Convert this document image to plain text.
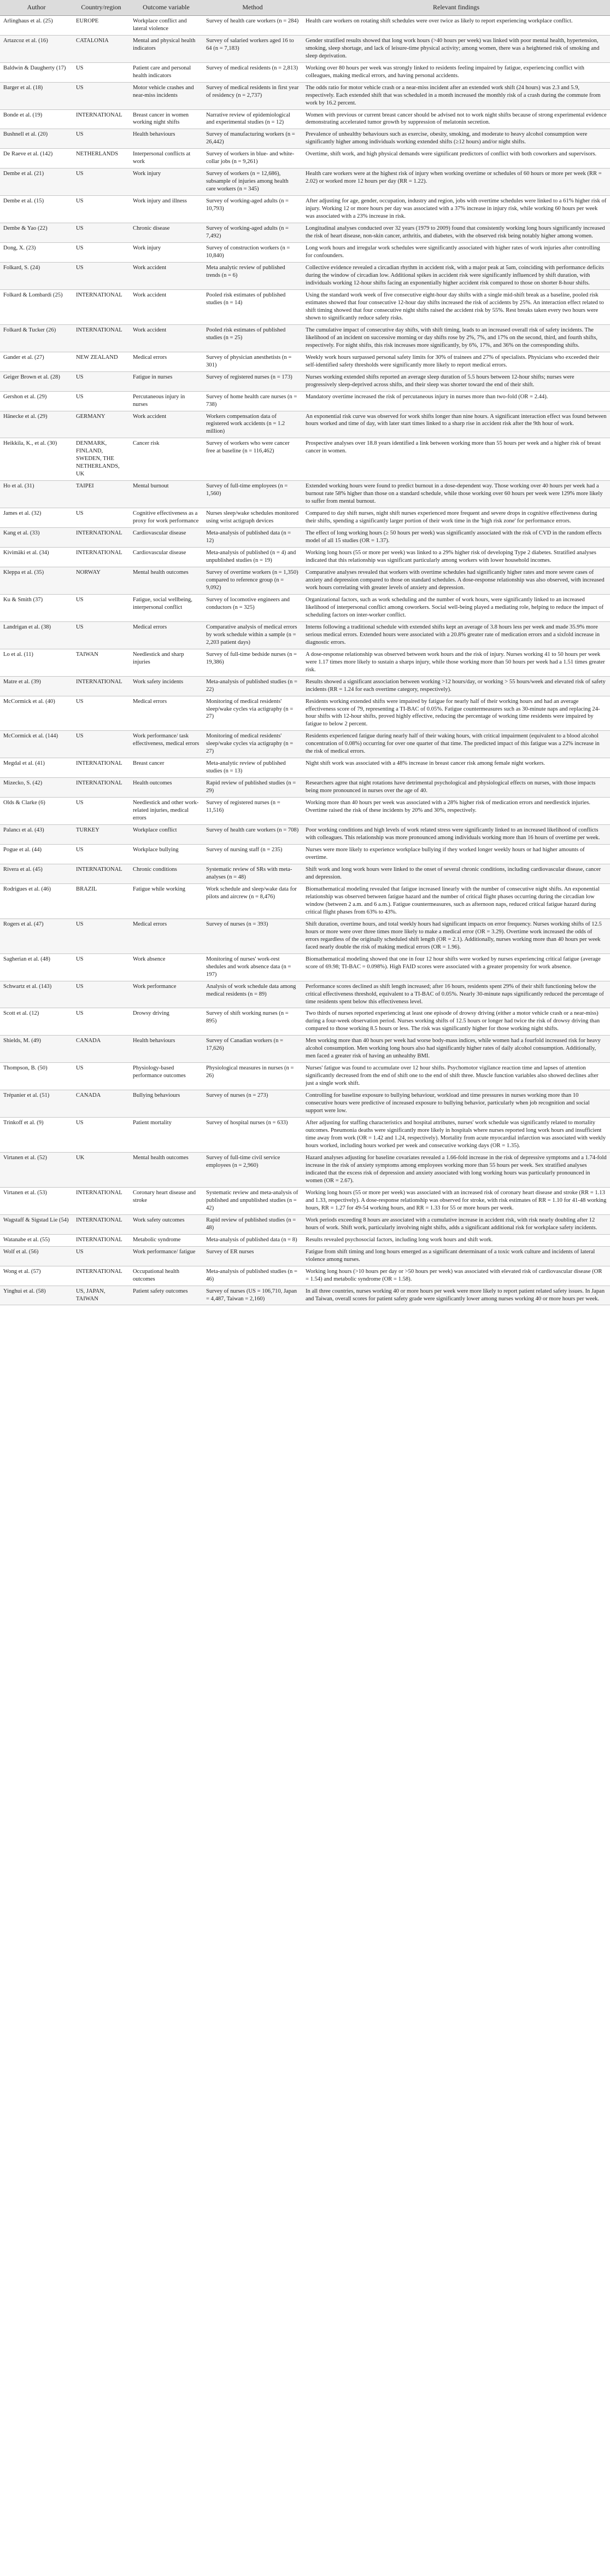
Author	Country/region	Outcome variable	Method	Relevant findings
Arlinghaus et al. (25)	EUROPE	Workplace conflict and lateral violence	Survey of health care workers (n = 284)	Health care workers on rotating shift schedules were over twice as likely to report experiencing workplace conflict.
Artazcoz et al. (16)	CATALONIA	Mental and physical health indicators	Survey of salaried workers aged 16 to 64 (n = 7,183)	Gender stratified results showed that long work hours (>40 hours per week) was linked with poor mental health, hypertension, smoking, sleep shortage, and lack of leisure-time physical activity; among women, there was a heightened risk of smoking and sleep deprivation.
Baldwin & Daugherty (17)	US	Patient care and personal health indicators	Survey of medical residents (n = 2,813)	Working over 80 hours per week was strongly linked to residents feeling impaired by fatigue, experiencing conflict with colleagues, making medical errors, and having personal accidents.
Barger et al. (18)	US	Motor vehicle crashes and near-miss incidents	Survey of medical residents in first year of residency (n = 2,737)	The odds ratio for motor vehicle crash or a near-miss incident after an extended work shift (24 hours) was 2.3 and 5.9, respectively. Each extended shift that was scheduled in a month increased the monthly risk of a crash during the commute from work by 16.2 percent.
Bonde et al. (19)	INTERNATIONAL	Breast cancer in women working night shifts	Narrative review of epidemiological and experimental studies (n = 12)	Women with previous or current breast cancer should be advised not to work night shifts because of strong experimental evidence demonstrating accelerated tumor growth by suppression of melatonin secretion.
Bushnell et al. (20)	US	Health behaviours	Survey of manufacturing workers (n = 26,442)	Prevalence of unhealthy behaviours such as exercise, obesity, smoking, and moderate to heavy alcohol consumption were significantly higher among individuals working extended shifts (≥12 hours) and/or night shifts.
De Raeve et al. (142)	NETHERLANDS	Interpersonal conflicts at work	Survey of workers in blue- and white-collar jobs (n = 9,261)	Overtime, shift work, and high physical demands were significant predictors of conflict with both coworkers and supervisors.
Dembe et al. (21)	US	Work injury	Survey of workers (n = 12,686), subsample of injuries among health care workers (n = 345)	Health care workers were at the highest risk of injury when working overtime or schedules of 60 hours or more per week (RR = 2.02) or worked more 12 hours per day (RR = 1.22).
Dembe et al. (15)	US	Work injury and illness	Survey of working-aged adults (n = 10,793)	After adjusting for age, gender, occupation, industry and region, jobs with overtime schedules were linked to a 61% higher risk of injury. Working 12 or more hours per day was associated with a 37% increase in injury risk, while working 60 hours per week was associated with a 23% increase in risk.
Dembe & Yao (22)	US	Chronic disease	Survey of working-aged adults (n = 7,492)	Longitudinal analyses conducted over 32 years (1979 to 2009) found that consistently working long hours significantly increased the risk of heart disease, non-skin cancer, arthritis, and diabetes, with the observed risk being notably higher among women.
Dong, X. (23)	US	Work injury	Survey of construction workers (n = 10,840)	Long work hours and irregular work schedules were significantly associated with higher rates of work injuries after controlling for confounders.
Folkard, S. (24)	US	Work accident	Meta analytic review of published trends (n = 6)	Collective evidence revealed a circadian rhythm in accident risk, with a major peak at 5am, coinciding with performance deficits during the window of circadian low. Additional spikes in accident risk were significantly influenced by shift duration, with individuals working 12-hour shifts facing an exponentially higher accident risk compared to those on shorter 8-hour shifts.
Folkard & Lombardi (25)	INTERNATIONAL	Work accident	Pooled risk estimates of published studies (n = 14)	Using the standard work week of five consecutive eight-hour day shifts with a single mid-shift break as a baseline, pooled risk estimates showed that four consecutive 12-hour day shifts increased the risk of accidents by 25%. An interaction effect related to shift timing showed that four consecutive night shifts raised the accident risk by 55%. Rest breaks taken every two hours were shown to significantly reduce safety risks.
Folkard & Tucker (26)	INTERNATIONAL	Work accident	Pooled risk estimates of published studies (n = 25)	The cumulative impact of consecutive day shifts, with shift timing, leads to an increased overall risk of safety incidents. The likelihood of an incident on successive morning or day shifts rose by 2%, 7%, and 17% on the second, third, and fourth shifts, respectively. For night shifts, this risk increases more significantly, by 6%, 17%, and 36% on the corresponding shifts.
Gander et al. (27)	NEW ZEALAND	Medical errors	Survey of physician anesthetists (n = 301)	Weekly work hours surpassed personal safety limits for 30% of trainees and 27% of specialists. Physicians who exceeded their self-identified safety thresholds were significantly more likely to report medical errors.
Geiger Brown et al. (28)	US	Fatigue in nurses	Survey of registered nurses (n = 173)	Nurses working extended shifts reported an average sleep duration of 5.5 hours between 12-hour shifts; nurses were progressively sleep-deprived across shifts, and their sleep was shorter toward the end of their shift.
Gershon et al. (29)	US	Percutaneous injury in nurses	Survey of home health care nurses (n = 738)	Mandatory overtime increased the risk of percutaneous injury in nurses more than two-fold (OR = 2.44).
Hänecke et al. (29)	GERMANY	Work accident	Workers compensation data of registered work accidents (n = 1.2 million)	An exponential risk curve was observed for work shifts longer than nine hours. A significant interaction effect was found between hours worked and time of day, with later start times linked to a sharp rise in accident risk after the 9th hour of work.
Heikkila, K., et al. (30)	DENMARK, FINLAND, SWEDEN, THE NETHERLANDS, UK	Cancer risk	Survey of workers who were cancer free at baseline (n = 116,462)	Prospective analyses over 18.8 years identified a link between working more than 55 hours per week and a higher risk of breast cancer in women.
Ho et al. (31)	TAIPEI	Mental burnout	Survey of full-time employees (n = 1,560)	Extended working hours were found to predict burnout in a dose-dependent way. Those working over 40 hours per week had a burnout rate 58% higher than those on a standard schedule, while those working over 60 hours per week were 129% more likely to suffer from mental burnout.
James et al. (32)	US	Cognitive effectiveness as a proxy for work performance	Nurses sleep/wake schedules monitored using wrist actigraph devices	Compared to day shift nurses, night shift nurses experienced more frequent and severe drops in cognitive effectiveness during their shifts, spending a significantly larger portion of their work time in the 'high risk zone' for performance errors.
Kang et al. (33)	INTERNATIONAL	Cardiovascular disease	Meta-analysis of published data (n = 12)	The effect of long working hours (≥ 50 hours per week) was significantly associated with the risk of CVD in the random effects model of all 15 studies (OR = 1.37).
Kivimäki et al. (34)	INTERNATIONAL	Cardiovascular disease	Meta-analysis of published (n = 4) and unpublished studies (n = 19)	Working long hours (55 or more per week) was linked to a 29% higher risk of developing Type 2 diabetes. Stratified analyses indicated that this relationship was significant particularly among workers with lower household incomes.
Kleppa et al. (35)	NORWAY	Mental health outcomes	Survey of overtime workers (n = 1,350) compared to reference group (n = 9,092)	Comparative analyses revealed that workers with overtime schedules had significantly higher rates and more severe cases of anxiety and depression compared to those on standard schedules. A dose-response relationship was also observed, with increased work hours correlating with greater levels of anxiety and depression.
Ku & Smith (37)	US	Fatigue, social wellbeing, interpersonal conflict	Survey of locomotive engineers and conductors (n = 325)	Organizational factors, such as work scheduling and the number of work hours, were significantly linked to an increased likelihood of interpersonal conflict among coworkers. Social well-being played a mediating role, helping to reduce the impact of scheduling factors on inter-worker conflict.
Landrigan et al. (38)	US	Medical errors	Comparative analysis of medical errors by work schedule within a sample (n = 2,203 patient days)	Interns following a traditional schedule with extended shifts kept an average of 3.8 hours less per week and made 35.9% more serious medical errors. Extended hours were associated with a 20.8% greater rate of medication errors and a sixfold increase in diagnostic errors.
Lo et al. (11)	TAIWAN	Needlestick and sharp injuries	Survey of full-time bedside nurses (n = 19,386)	A dose-response relationship was observed between work hours and the risk of injury. Nurses working 41 to 50 hours per week were 1.17 times more likely to sustain a sharps injury, while those working more than 50 hours per week had a 1.51 times greater risk.
Matre et al. (39)	INTERNATIONAL	Work safety incidents	Meta-analysis of published studies (n = 22)	Results showed a significant association between working >12 hours/day, or working > 55 hours/week and elevated risk of safety incidents (RR = 1.24 for each overtime category, respectively).
McCormick et al. (40)	US	Medical errors	Monitoring of medical residents' sleep/wake cycles via actigraphy (n = 27)	Residents working extended shifts were impaired by fatigue for nearly half of their working hours and had an average effectiveness score of 79, representing a TI-BAC of 0.05%. Fatigue countermeasures such as 30-minute naps and replacing 24-hour shifts with 12-hour shifts, proved highly effective, reducing the percentage of working time residents were impaired by fatigue to below 2 percent.
McCormick et al. (144)	US	Work performance/ task effectiveness, medical errors	Monitoring of medical residents' sleep/wake cycles via actigraphy (n = 27)	Residents experienced fatigue during nearly half of their waking hours, with critical impairment (equivalent to a blood alcohol concentration of 0.08%) occurring for over one quarter of that time. The predicted impact of this fatigue was a 22% increase in the risk of medical errors.
Megdal et al. (41)	INTERNATIONAL	Breast cancer	Meta-analytic review of published studies (n = 13)	Night shift work was associated with a 48% increase in breast cancer risk among female night workers.
Mizecko, S. (42)	INTERNATIONAL	Health outcomes	Rapid review of published studies (n = 29)	Researchers agree that night rotations have detrimental psychological and physiological effects on nurses, with those impacts being more pronounced in nurses over the age of 40.
Olds & Clarke (6)	US	Needlestick and other work-related injuries, medical errors	Survey of registered nurses (n = 11,516)	Working more than 40 hours per week was associated with a 28% higher risk of medication errors and needlestick injuries. Overtime raised the risk of these incidents by 20% and 30%, respectively.
Palancı et al. (43)	TURKEY	Workplace conflict	Survey of health care workers (n = 708)	Poor working conditions and high levels of work related stress were significantly linked to an increased likelihood of conflicts with colleagues. This relationship was more pronounced among individuals working more than 16 hours of overtime per week.
Pogue et al. (44)	US	Workplace bullying	Survey of nursing staff (n = 235)	Nurses were more likely to experience workplace bullying if they worked longer weekly hours or had higher amounts of overtime.
Rivera et al. (45)	INTERNATIONAL	Chronic conditions	Systematic review of SRs with meta-analyses (n = 48)	Shift work and long work hours were linked to the onset of several chronic conditions, including cardiovascular disease, cancer and depression.
Rodrigues et al. (46)	BRAZIL	Fatigue while working	Work schedule and sleep/wake data for pilots and aircrew (n = 8,476)	Biomathematical modeling revealed that fatigue increased linearly with the number of consecutive night shifts. An exponential relationship was observed between fatigue hazard and the number of critical flight phases occurring during the circadian low window (between 2 a.m. and 6 a.m.). Fatigue countermeasures, such as afternoon naps, reduced critical fatigue hazard during critical flight phases from 63% to 43%.
Rogers et al. (47)	US	Medical errors	Survey of nurses (n = 393)	Shift duration, overtime hours, and total weekly hours had significant impacts on error frequency. Nurses working shifts of 12.5 hours or more were over three times more likely to make a medical error (OR = 3.29). Overtime work increased the odds of errors regardless of the originally scheduled shift length (OR = 2.1). Additionally, nurses working more than 40 hours per week faced nearly double the risk of making medical errors (OR = 1.96).
Sagherian et al. (48)	US	Work absence	Monitoring of nurses' work-rest shedules and work absence data (n = 197)	Biomathematical modeling showed that one in four 12 hour shifts were worked by nurses experiencing critical fatigue (average score of 69.98; TI-BAC = 0.098%). High FAID scores were associated with a greater propensity for work absence.
Schwartz et al. (143)	US	Work performance	Analysis of work schedule data among medical residents (n = 89)	Performance scores declined as shift length increased; after 16 hours, residents spent 29% of their shift functioning below the critical effectiveness threshold, equivalent to a TI-BAC of 0.05%. Nearly 30-minute naps significantly reduced the percentage of time residents spent below this effectiveness level.
Scott et al. (12)	US	Drowsy driving	Survey of shift working nurses (n = 895)	Two thirds of nurses reported experiencing at least one episode of drowsy driving (either a motor vehicle crash or a near-miss) during a four-week observation period. Nurses working shifts of 12.5 hours or longer had twice the risk of drowsy driving than compared to those working 8.5 hours or less. The risk was significantly higher for those working night shifts.
Shields, M. (49)	CANADA	Health behaviours	Survey of Canadian workers (n = 17,626)	Men working more than 40 hours per week had worse body-mass indices, while women had a fourfold increased risk for heavy alcohol consumption. Men working long hours also had significantly higher rates of daily alcohol consumption. Additionally, men faced a greater risk of having an unhealthy BMI.
Thompson, B. (50)	US	Physiology-based performance outcomes	Physiological measures in nurses (n = 26)	Nurses' fatigue was found to accumulate over 12 hour shifts. Psychomotor vigilance reaction time and lapses of attention significantly decreased from the end of shift one to the end of shift three. Muscle function variables also showed declines after just a single work shift.
Trépanier et al. (51)	CANADA	Bullying behaviours	Survey of nurses (n = 273)	Controlling for baseline exposure to bullying behaviour, workload and time pressures in nurses working more than 10 consecutive hours were predictive of increased exposure to bullying behavior, particularly when job recognition and social support were low.
Trinkoff et al. (9)	US	Patient mortality	Survey of hospital nurses (n = 633)	After adjusting for staffing characteristics and hospital attributes, nurses' work schedule was significantly related to mortality outcomes. Pneumonia deaths were significantly more likely in hospitals where nurses reported long work hours and insufficient time away from work (OR = 1.42 and 1.24, respectively). Mortality from acute myocardial infarction was associated with weekly hours worked, including hours worked per week and consecutive working days (OR = 1.35).
Virtanen et al. (52)	UK	Mental health outcomes	Survey of full-time civil service employees (n = 2,960)	Hazard analyses adjusting for baseline covariates revealed a 1.66-fold increase in the risk of depressive symptoms and a 1.74-fold increase in the risk of anxiety symptoms among employees working more than 55 hours per week. Sex stratified analyses indicated that the excess risk of depression and anxiety associated with long working hours was particularly pronounced in women (OR = 2.67).
Virtanen et al. (53)	INTERNATIONAL	Coronary heart disease and stroke	Systematic review and meta-analysis of published and unpublished studies (n = 42)	Working long hours (55 or more per week) was associated with an increased risk of coronary heart disease and stroke (RR = 1.13 and 1.33, respectively). A dose-response relationship was observed for stroke, with risk estimates of RR = 1.10 for 41-48 working hours, RR = 1.27 for 49-54 working hours, and RR = 1.33 for 55 or more hours per week.
Wagstaff & Sigstad Lie (54)	INTERNATIONAL	Work safety outcomes	Rapid review of published studies (n = 48)	Work periods exceeding 8 hours are associated with a cumulative increase in accident risk, with risk nearly doubling after 12 hours of work. Shift work, particularly involving night shifts, adds a significant additional risk for workplace safety incidents.
Watanabe et al. (55)	INTERNATIONAL	Metabolic syndrome	Meta-analysis of published data (n = 8)	Results revealed psychosocial factors, including long work hours and shift work.
Wolf et al. (56)	US	Work performance/ fatigue	Survey of ER nurses	Fatigue from shift timing and long hours emerged as a significant determinant of a toxic work culture and incidents of lateral violence among nurses.
Wong et al. (57)	INTERNATIONAL	Occupational health outcomes	Meta-analysis of published studies (n = 46)	Working long hours (>10 hours per day or >50 hours per week) was associated with elevated risk of cardiovascular disease (OR = 1.54) and metabolic syndrome (OR = 1.58).
Yinghui et al. (58)	US, JAPAN, TAIWAN	Patient safety outcomes	Survey of nurses (US = 106,710, Japan = 4,487, Taiwan = 2,160)	In all three countries, nurses working 40 or more hours per week were more likely to report patient related safety issues. In Japan and Taiwan, overall scores for patient safety grade were significantly lower among nurses working 40 or more hours per week.
